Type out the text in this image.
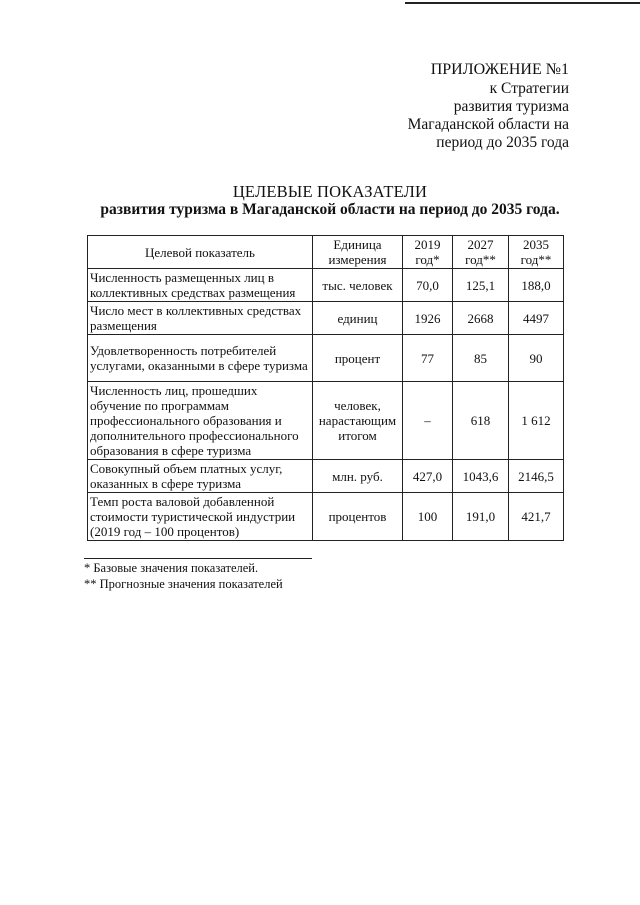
ПРИЛОЖЕНИЕ №1
к Стратегии
развития туризма
Магаданской области на
период до 2035 года
ЦЕЛЕВЫЕ ПОКАЗАТЕЛИ
развития туризма в Магаданской области на период до 2035 года.
Целевой показатель	Единица измерения	2019 год*	2027 год**	2035 год**
Численность размещенных лиц в коллективных средствах размещения	тыс. человек	70,0	125,1	188,0
Число мест в коллективных средствах размещения	единиц	1926	2668	4497
Удовлетворенность потребителей услугами, оказанными в сфере туризма	процент	77	85	90
Численность лиц, прошедших обучение по программам профессионального образования и дополнительного профессионального образования в сфере туризма	человек, нарастающим итогом	–	618	1 612
Совокупный объем платных услуг, оказанных в сфере туризма	млн. руб.	427,0	1043,6	2146,5
Темп роста валовой добавленной стоимости туристической индустрии (2019 год – 100 процентов)	процентов	100	191,0	421,7
* Базовые значения показателей.
** Прогнозные значения показателей
